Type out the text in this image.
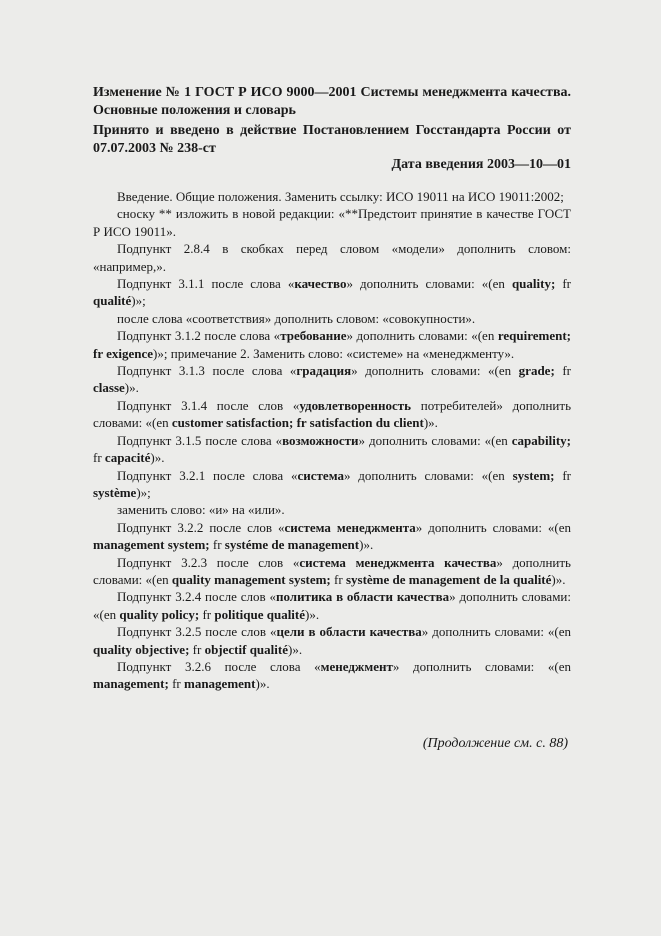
Изменение № 1 ГОСТ Р ИСО 9000—2001 Системы менеджмента качества. Основные положения и словарь
Принято и введено в действие Постановлением Госстандарта России от 07.07.2003 № 238-ст
Дата введения 2003—10—01

Введение. Общие положения. Заменить ссылку: ИСО 19011 на ИСО 19011:2002;

сноску ** изложить в новой редакции: «**Предстоит принятие в качестве ГОСТ Р ИСО 19011».

Подпункт 2.8.4 в скобках перед словом «модели» дополнить словом: «например,».

Подпункт 3.1.1 после слова «качество» дополнить словами: «(en quality; fr qualité)»;

после слова «соответствия» дополнить словом: «совокупности».

Подпункт 3.1.2 после слова «требование» дополнить словами: «(en requirement; fr exigence)»; примечание 2. Заменить слово: «системе» на «менеджменту».

Подпункт 3.1.3 после слова «градация» дополнить словами: «(en grade; fr classe)».

Подпункт 3.1.4 после слов «удовлетворенность потребителей» дополнить словами: «(en customer satisfaction; fr satisfaction du client)».

Подпункт 3.1.5 после слова «возможности» дополнить словами: «(en capability; fr capacité)».

Подпункт 3.2.1 после слова «система» дополнить словами: «(en system; fr système)»;

заменить слово: «и» на «или».

Подпункт 3.2.2 после слов «система менеджмента» дополнить словами: «(en management system; fr systéme de management)».

Подпункт 3.2.3 после слов «система менеджмента качества» дополнить словами: «(en quality management system; fr système de management de la qualité)».

Подпункт 3.2.4 после слов «политика в области качества» дополнить словами: «(en quality policy; fr politique qualité)».

Подпункт 3.2.5 после слов «цели в области качества» дополнить словами: «(en quality objective; fr objectif qualité)».

Подпункт 3.2.6 после слова «менеджмент» дополнить словами: «(en management; fr management)».

(Продолжение см. с. 88)
